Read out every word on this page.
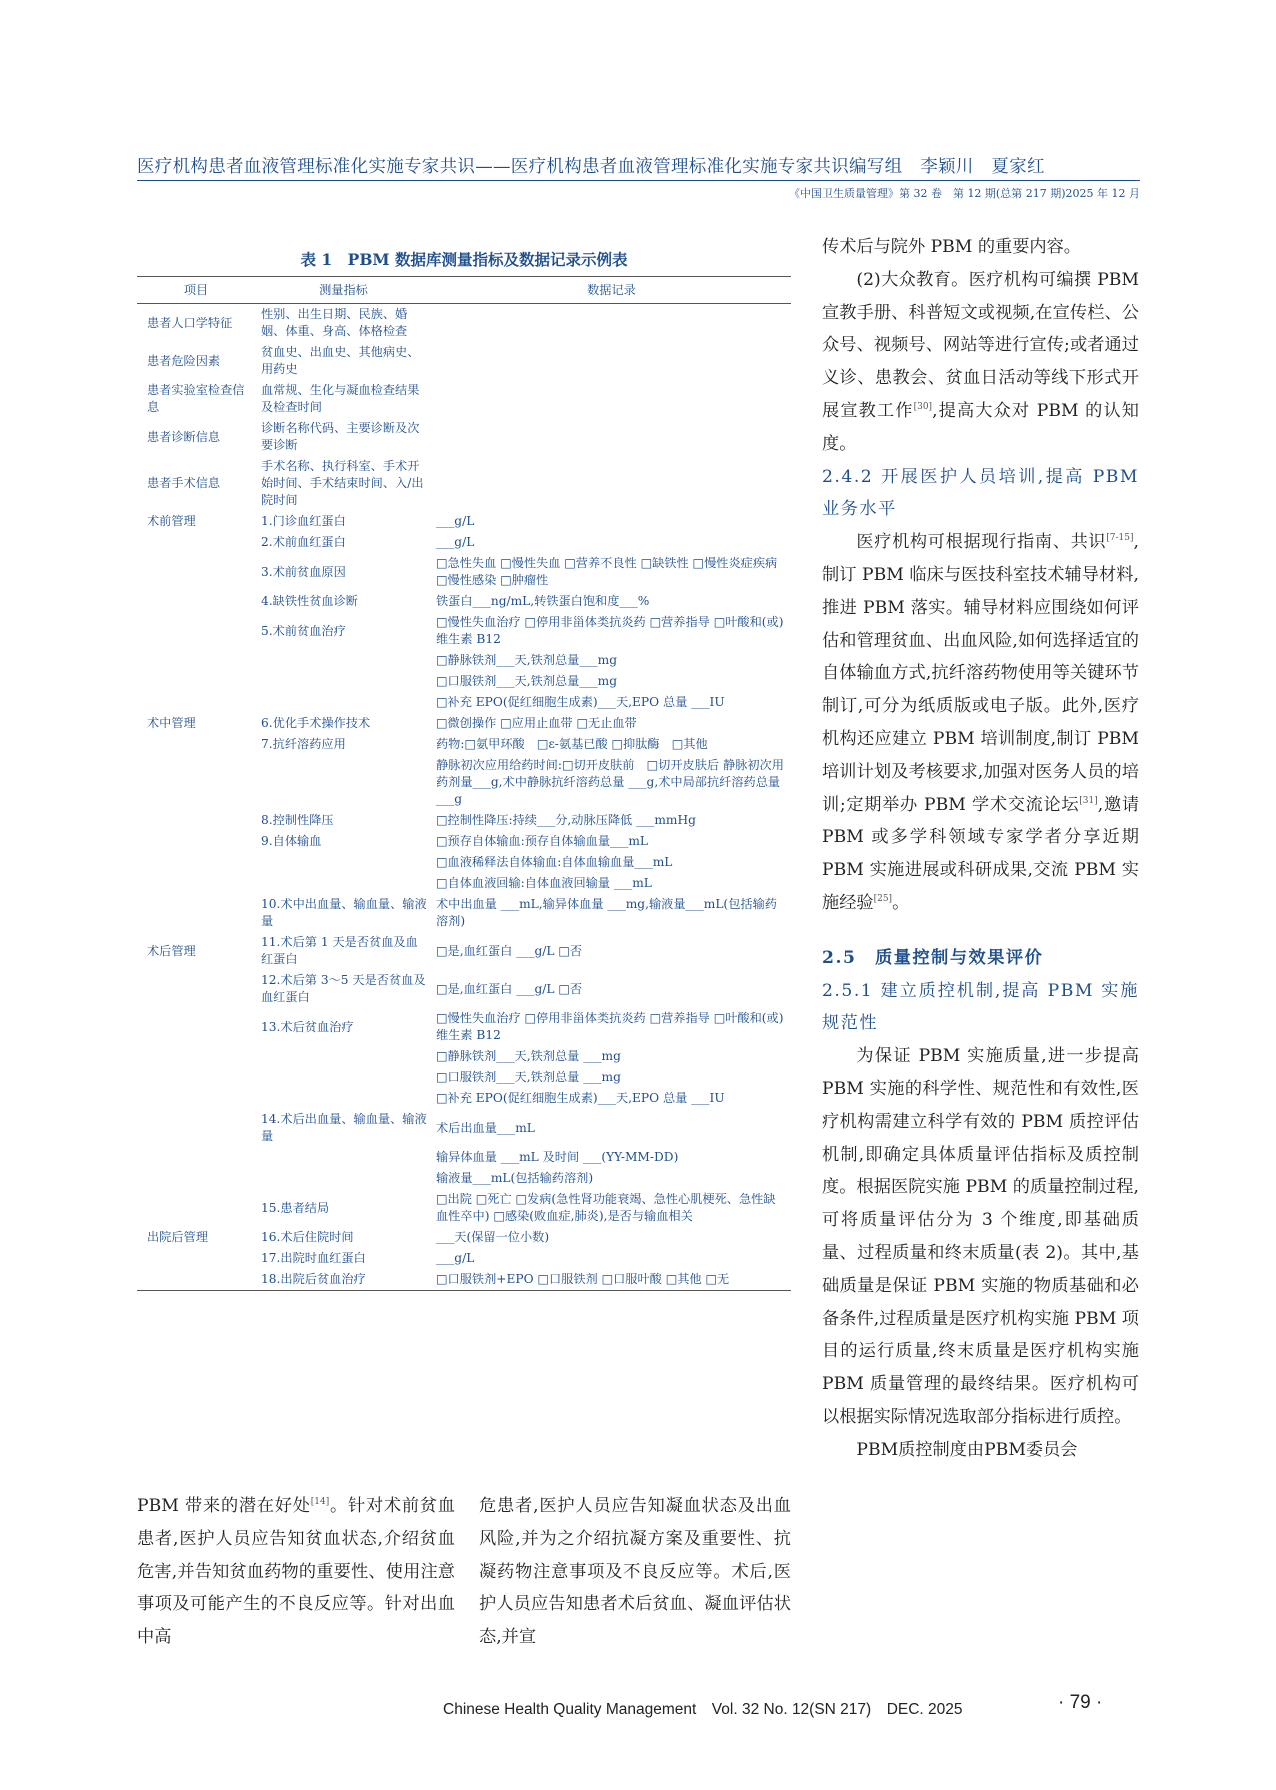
医疗机构患者血液管理标准化实施专家共识——医疗机构患者血液管理标准化实施专家共识编写组　李颖川　夏家红
《中国卫生质量管理》第 32 卷　第 12 期(总第 217 期)2025 年 12 月
表 1　PBM 数据库测量指标及数据记录示例表
项目	测量指标	数据记录
患者人口学特征	性别、出生日期、民族、婚姻、体重、身高、体格检查	
患者危险因素	贫血史、出血史、其他病史、用药史	
患者实验室检查信息	血常规、生化与凝血检查结果及检查时间	
患者诊断信息	诊断名称代码、主要诊断及次要诊断	
患者手术信息	手术名称、执行科室、手术开始时间、手术结束时间、入/出院时间	
术前管理	1.门诊血红蛋白	___g/L
	2.术前血红蛋白	___g/L
	3.术前贫血原因	□急性失血 □慢性失血 □营养不良性 □缺铁性 □慢性炎症疾病 □慢性感染 □肿瘤性
	4.缺铁性贫血诊断	铁蛋白___ng/mL,转铁蛋白饱和度___%
	5.术前贫血治疗	□慢性失血治疗 □停用非甾体类抗炎药 □营养指导 □叶酸和(或)维生素 B12
		□静脉铁剂___天,铁剂总量___mg
		□口服铁剂___天,铁剂总量___mg
		□补充 EPO(促红细胞生成素)___天,EPO 总量 ___IU
术中管理	6.优化手术操作技术	□微创操作 □应用止血带 □无止血带
	7.抗纤溶药应用	药物:□氨甲环酸　□ε-氨基已酸 □抑肽酶　□其他
		静脉初次应用给药时间:□切开皮肤前　□切开皮肤后 静脉初次用药剂量___g,术中静脉抗纤溶药总量 ___g,术中局部抗纤溶药总量 ___g
	8.控制性降压	□控制性降压:持续___分,动脉压降低 ___mmHg
	9.自体输血	□预存自体输血:预存自体输血量___mL
		□血液稀释法自体输血:自体血输血量___mL
		□自体血液回输:自体血液回输量 ___mL
	10.术中出血量、输血量、输液量	术中出血量 ___mL,输异体血量 ___mg,输液量___mL(包括输药溶剂)
术后管理	11.术后第 1 天是否贫血及血红蛋白	□是,血红蛋白 ___g/L □否
	12.术后第 3～5 天是否贫血及血红蛋白	□是,血红蛋白 ___g/L □否
	13.术后贫血治疗	□慢性失血治疗 □停用非甾体类抗炎药 □营养指导 □叶酸和(或)维生素 B12
		□静脉铁剂___天,铁剂总量 ___mg
		□口服铁剂___天,铁剂总量 ___mg
		□补充 EPO(促红细胞生成素)___天,EPO 总量 ___IU
	14.术后出血量、输血量、输液量	术后出血量___mL
		输异体血量 ___mL 及时间 ___(YY-MM-DD)
		输液量___mL(包括输药溶剂)
	15.患者结局	□出院 □死亡 □发病(急性肾功能衰竭、急性心肌梗死、急性缺血性卒中) □感染(败血症,肺炎),是否与输血相关
出院后管理	16.术后住院时间	___天(保留一位小数)
	17.出院时血红蛋白	___g/L
	18.出院后贫血治疗	□口服铁剂+EPO □口服铁剂 □口服叶酸 □其他 □无

PBM 带来的潜在好处[14]。针对术前贫血患者,医护人员应告知贫血状态,介绍贫血危害,并告知贫血药物的重要性、使用注意事项及可能产生的不良反应等。针对出血中高

危患者,医护人员应告知凝血状态及出血风险,并为之介绍抗凝方案及重要性、抗凝药物注意事项及不良反应等。术后,医护人员应告知患者术后贫血、凝血评估状态,并宣

传术后与院外 PBM 的重要内容。

(2)大众教育。医疗机构可编撰 PBM 宣教手册、科普短文或视频,在宣传栏、公众号、视频号、网站等进行宣传;或者通过义诊、患教会、贫血日活动等线下形式开展宣教工作[30],提高大众对 PBM 的认知度。

2.4.2 开展医护人员培训,提高 PBM 业务水平

医疗机构可根据现行指南、共识[7-15],制订 PBM 临床与医技科室技术辅导材料,推进 PBM 落实。辅导材料应围绕如何评估和管理贫血、出血风险,如何选择适宜的自体输血方式,抗纤溶药物使用等关键环节制订,可分为纸质版或电子版。此外,医疗机构还应建立 PBM 培训制度,制订 PBM 培训计划及考核要求,加强对医务人员的培训;定期举办 PBM 学术交流论坛[31],邀请 PBM 或多学科领域专家学者分享近期 PBM 实施进展或科研成果,交流 PBM 实施经验[25]。

2.5　质量控制与效果评价

2.5.1 建立质控机制,提高 PBM 实施规范性

为保证 PBM 实施质量,进一步提高 PBM 实施的科学性、规范性和有效性,医疗机构需建立科学有效的 PBM 质控评估机制,即确定具体质量评估指标及质控制度。根据医院实施 PBM 的质量控制过程,可将质量评估分为 3 个维度,即基础质量、过程质量和终末质量(表 2)。其中,基础质量是保证 PBM 实施的物质基础和必备条件,过程质量是医疗机构实施 PBM 项目的运行质量,终末质量是医疗机构实施 PBM 质量管理的最终结果。医疗机构可以根据实际情况选取部分指标进行质控。

PBM质控制度由PBM委员会

Chinese Health Quality Management　Vol. 32 No. 12(SN 217)　DEC. 2025	· 79 ·
